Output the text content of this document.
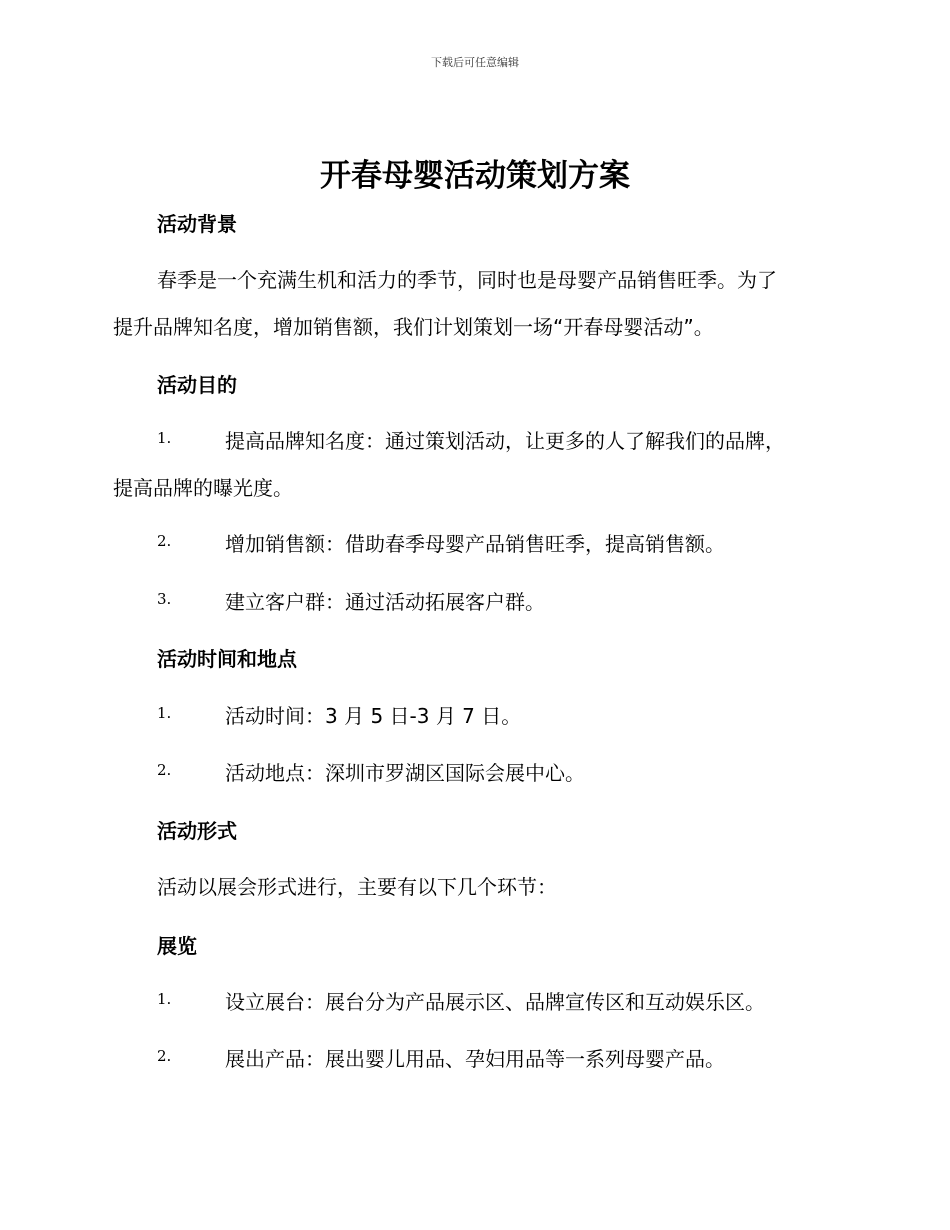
下载后可任意编辑
开春母婴活动策划方案
活动背景

春季是一个充满生机和活力的季节，同时也是母婴产品销售旺季。为了

提升品牌知名度，增加销售额，我们计划策划一场“开春母婴活动”。

活动目的
1.	提高品牌知名度：通过策划活动，让更多的人了解我们的品牌，

提高品牌的曝光度。

2.	增加销售额：借助春季母婴产品销售旺季，提高销售额。
3.	建立客户群：通过活动拓展客户群。
活动时间和地点
1.	活动时间：3 月 5 日-3 月 7 日。
2.	活动地点：深圳市罗湖区国际会展中心。
活动形式

活动以展会形式进行，主要有以下几个环节：

展览
1.	设立展台：展台分为产品展示区、品牌宣传区和互动娱乐区。
2.	展出产品：展出婴儿用品、孕妇用品等一系列母婴产品。
